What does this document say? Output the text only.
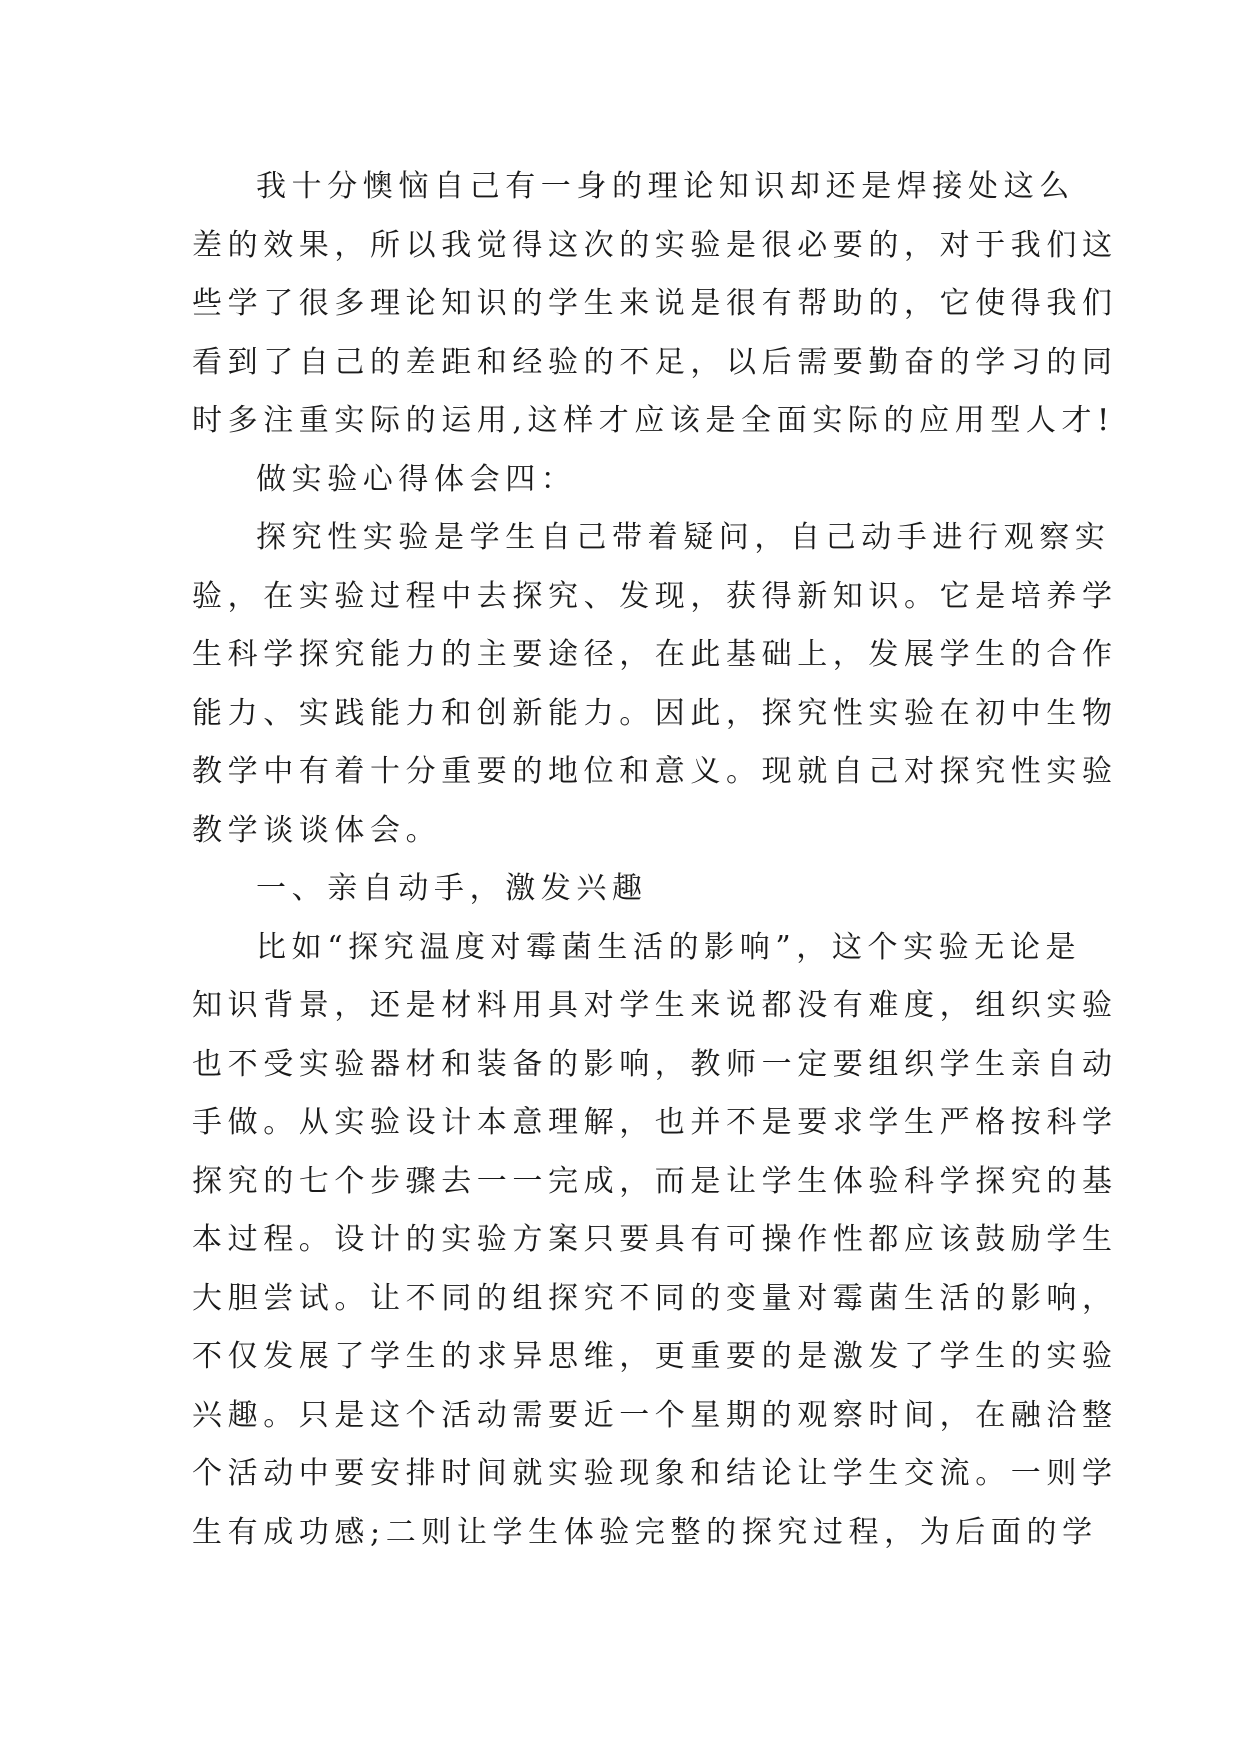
我十分懊恼自己有一身的理论知识却还是焊接处这么
差的效果，所以我觉得这次的实验是很必要的，对于我们这
些学了很多理论知识的学生来说是很有帮助的，它使得我们
看到了自己的差距和经验的不足，以后需要勤奋的学习的同
时多注重实际的运用,这样才应该是全面实际的应用型人才!
做实验心得体会四：
探究性实验是学生自己带着疑问，自己动手进行观察实
验，在实验过程中去探究、发现，获得新知识。它是培养学
生科学探究能力的主要途径，在此基础上，发展学生的合作
能力、实践能力和创新能力。因此，探究性实验在初中生物
教学中有着十分重要的地位和意义。现就自己对探究性实验
教学谈谈体会。
一、亲自动手，激发兴趣
比如“探究温度对霉菌生活的影响”，这个实验无论是
知识背景，还是材料用具对学生来说都没有难度，组织实验
也不受实验器材和装备的影响，教师一定要组织学生亲自动
手做。从实验设计本意理解，也并不是要求学生严格按科学
探究的七个步骤去一一完成，而是让学生体验科学探究的基
本过程。设计的实验方案只要具有可操作性都应该鼓励学生
大胆尝试。让不同的组探究不同的变量对霉菌生活的影响，
不仅发展了学生的求异思维，更重要的是激发了学生的实验
兴趣。只是这个活动需要近一个星期的观察时间，在融洽整
个活动中要安排时间就实验现象和结论让学生交流。一则学
生有成功感;二则让学生体验完整的探究过程，为后面的学
